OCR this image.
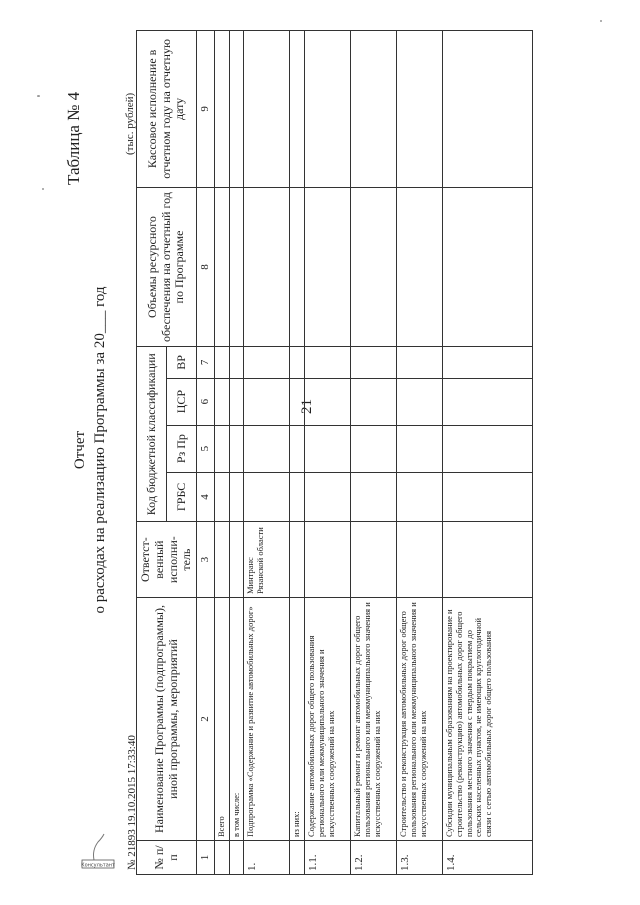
21
Таблица № 4	(тыс. рублей)
Отчет о расходах на реализацию Программы за 20___ год
№ п/п	Наименование Программы (подпрограммы), иной программы, мероприятий	Ответст-венный исполни-тель	Код бюджетной классификации				Объемы ресурсного обеспечения на отчетный год по Программе	Кассовое исполнение в отчетном году на отчетную дату
			ГРБС	Рз Пр	ЦСР	ВР		
1	2	3	4	5	6	7	8	9
	Всего							
	в том числе:							
1.	Подпрограмма «Содержание и развитие автомобильных дорог»	Минтранс Рязанской области						
	из них:							
1.1.	Содержание автомобильных дорог общего пользования регионального или межмуниципального значения и искусственных сооружений на них							
1.2.	Капитальный ремонт и ремонт автомобильных дорог общего пользования регионального или межмуниципального значения и искусственных сооружений на них							
1.3.	Строительство и реконструкция автомобильных дорог общего пользования регионального или межмуниципального значения и искусственных сооружений на них							
1.4.	Субсидии муниципальным образованиям на проектирование и строительство (реконструкцию) автомобильных дорог общего пользования местного значения с твердым покрытием до сельских населенных пунктов, не имеющих круглогодичной связи с сетью автомобильных дорог общего пользования							
Консультант № 21893 19.10.2015 17:33:40
